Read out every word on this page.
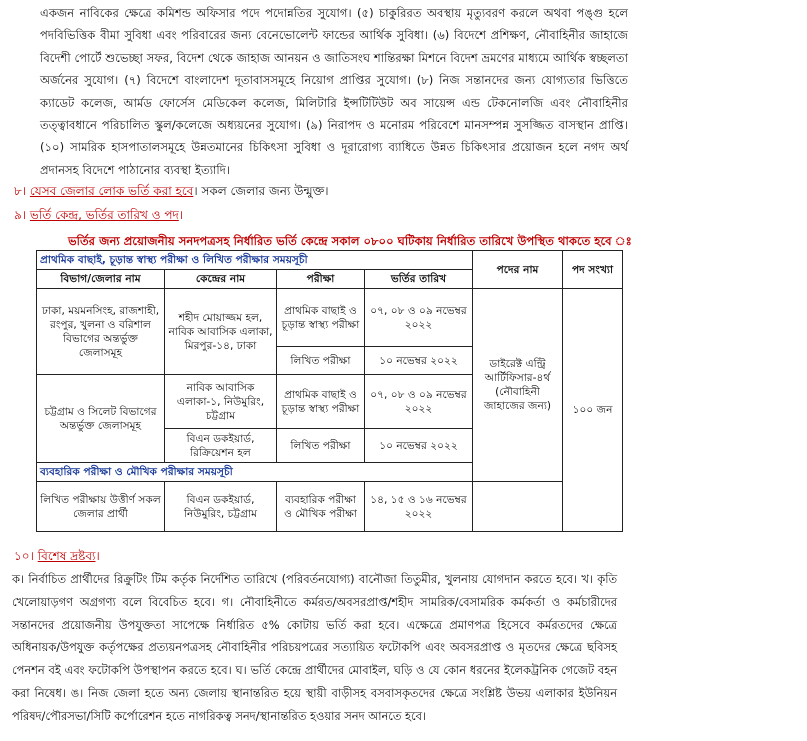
একজন নাবিকের ক্ষেত্রে কমিশন্ড অফিসার পদে পদোন্নতির সুযোগ। (৫) চাকুরিরত অবস্থায় মৃত্যুবরণ করলে অথবা পঙ্গু হলে পদবিভিত্তিক বীমা সুবিধা এবং পরিবারের জন্য বেনেভোলেন্ট ফান্ডের আর্থিক সুবিধা। (৬) বিদেশে প্রশিক্ষণ, নৌবাহিনীর জাহাজে বিদেশী পোর্টে শুভেচ্ছা সফর, বিদেশ থেকে জাহাজ আনয়ন ও জাতিসংঘ শান্তিরক্ষা মিশনে বিদেশ ভ্রমণের মাধ্যমে আর্থিক স্বচ্ছলতা অর্জনের সুযোগ। (৭) বিদেশে বাংলাদেশ দূতাবাসসমূহে নিয়োগ প্রাপ্তির সুযোগ। (৮) নিজ সন্তানদের জন্য যোগ্যতার ভিত্তিতে ক্যাডেট কলেজ, আর্মড ফোর্সেস মেডিকেল কলেজ, মিলিটারি ইন্সটিটিউট অব সায়েন্স এন্ড টেকনোলজি এবং নৌবাহিনীর তত্ত্বাবধানে পরিচালিত স্কুল/কলেজে অধ্যয়নের সুযোগ। (৯) নিরাপদ ও মনোরম পরিবেশে মানসম্পন্ন সুসজ্জিত বাসস্থান প্রাপ্তি। (১০) সামরিক হাসপাতালসমূহে উন্নতমানের চিকিৎসা সুবিধা ও দূরারোগ্য ব্যাধিতে উন্নত চিকিৎসার প্রয়োজন হলে নগদ অর্থ প্রদানসহ বিদেশে পাঠানোর ব্যবস্থা ইত্যাদি।

৮। যেসব জেলার লোক ভর্তি করা হবে। সকল জেলার জন্য উন্মুক্ত।
৯। ভর্তি কেন্দ্র, ভর্তির তারিখ ও পদ।
ভর্তির জন্য প্রয়োজনীয় সনদপত্রসহ নির্ধারিত ভর্তি কেন্দ্রে সকাল ০৮০০ ঘটিকায় নির্ধারিত তারিখে উপস্থিত থাকতে হবে ঃ
প্রাথমিক বাছাই, চূড়ান্ত স্বাস্থ্য পরীক্ষা ও লিখিত পরীক্ষার সময়সূচী				পদের নাম	পদ সংখ্যা
বিভাগ/জেলার নাম	কেন্দ্রের নাম	পরীক্ষা	ভর্তির তারিখ		
ঢাকা, ময়মনসিংহ, রাজশাহী, রংপুর, খুলনা ও বরিশাল বিভাগের অন্তর্ভুক্ত জেলাসমূহ	শহীদ মোয়াজ্জম হল, নাবিক আবাসিক এলাকা, মিরপুর-১৪, ঢাকা	প্রাথমিক বাছাই ও চূড়ান্ত স্বাস্থ্য পরীক্ষা	০৭, ০৮ ও ০৯ নভেম্বর ২০২২	ডাইরেক্ট এন্ট্রি আর্টিফিসার-৪র্থ (নৌবাহিনী জাহাজের জন্য)	১০০ জন
		লিখিত পরীক্ষা	১০ নভেম্বর ২০২২		
চট্টগ্রাম ও সিলেট বিভাগের অন্তর্ভুক্ত জেলাসমূহ	নাবিক আবাসিক এলাকা-১, নিউমুরিং, চট্টগ্রাম	প্রাথমিক বাছাই ও চূড়ান্ত স্বাস্থ্য পরীক্ষা	০৭, ০৮ ও ০৯ নভেম্বর ২০২২		
	বিএন ডকইয়ার্ড, রিক্রিয়েশন হল	লিখিত পরীক্ষা	১০ নভেম্বর ২০২২		
ব্যবহারিক পরীক্ষা ও মৌখিক পরীক্ষার সময়সূচী					
লিখিত পরীক্ষায় উত্তীর্ণ সকল জেলার প্রার্থী	বিএন ডকইয়ার্ড, নিউমুরিং, চট্টগ্রাম	ব্যবহারিক পরীক্ষা ও মৌখিক পরীক্ষা	১৪, ১৫ ও ১৬ নভেম্বর ২০২২		
১০। বিশেষ দ্রষ্টব্য।

ক। নির্বাচিত প্রার্থীদের রিক্রুটিং টিম কর্তৃক নির্দেশিত তারিখে (পরিবর্তনযোগ্য) বানৌজা তিতুমীর, খুলনায় যোগদান করতে হবে। খ। কৃতি খেলোয়াড়গণ অগ্রগণ্য বলে বিবেচিত হবে। গ। নৌবাহিনীতে কর্মরত/অবসরপ্রাপ্ত/শহীদ সামরিক/বেসামরিক কর্মকর্তা ও কর্মচারীদের সন্তানদের প্রয়োজনীয় উপযুক্ততা সাপেক্ষে নির্ধারিত ৫% কোটায় ভর্তি করা হবে। এক্ষেত্রে প্রমাণপত্র হিসেবে কর্মরতদের ক্ষেত্রে অধিনায়ক/উপযুক্ত কর্তৃপক্ষের প্রত্যয়নপত্রসহ নৌবাহিনীর পরিচয়পত্রের সত্যায়িত ফটোকপি এবং অবসরপ্রাপ্ত ও মৃতদের ক্ষেত্রে ছবিসহ পেনশন বই এবং ফটোকপি উপস্থাপন করতে হবে। ঘ। ভর্তি কেন্দ্রে প্রার্থীদের মোবাইল, ঘড়ি ও যে কোন ধরনের ইলেকট্রনিক গেজেট বহন করা নিষেধ। ঙ। নিজ জেলা হতে অন্য জেলায় স্থানান্তরিত হয়ে স্থায়ী বাড়ীসহ বসবাসকৃতদের ক্ষেত্রে সংশ্লিষ্ট উভয় এলাকার ইউনিয়ন পরিষদ/পৌরসভা/সিটি কর্পোরেশন হতে নাগরিকত্ব সনদ/স্থানান্তরিত হওয়ার সনদ আনতে হবে।
